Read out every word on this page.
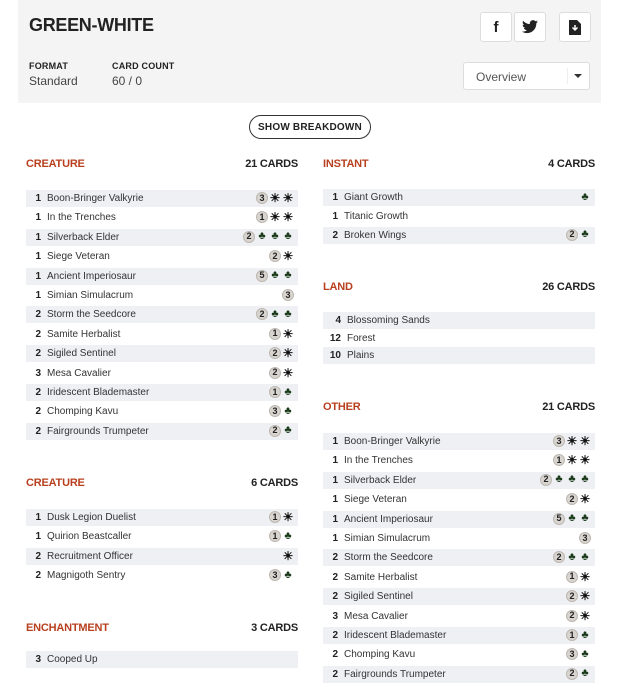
GREEN-WHITE	f
FORMAT
Standard
CARD COUNT
60 / 0	Overview
SHOW BREAKDOWN
CREATURE	21 CARDS
1 Boon-Bringer Valkyrie	3 ☀ ☀
1 In the Trenches	1 ☀ ☀
1 Silverback Elder	2 ♣ ♣ ♣
1 Siege Veteran	2 ☀
1 Ancient Imperiosaur	5 ♣ ♣
1 Simian Simulacrum	3
2 Storm the Seedcore	2 ♣ ♣
2 Samite Herbalist	1 ☀
2 Sigiled Sentinel	2 ☀
3 Mesa Cavalier	2 ☀
2 Iridescent Blademaster	1 ♣
2 Chomping Kavu	3 ♣
2 Fairgrounds Trumpeter	2 ♣
CREATURE	6 CARDS
1 Dusk Legion Duelist	1 ☀
1 Quirion Beastcaller	1 ♣
2 Recruitment Officer	☀
2 Magnigoth Sentry	3 ♣
ENCHANTMENT	3 CARDS
3 Cooped Up
INSTANT	4 CARDS
1 Giant Growth	♣
1 Titanic Growth
2 Broken Wings	2 ♣
LAND	26 CARDS
4 Blossoming Sands
12 Forest
10 Plains
OTHER	21 CARDS
1 Boon-Bringer Valkyrie	3 ☀ ☀
1 In the Trenches	1 ☀ ☀
1 Silverback Elder	2 ♣ ♣ ♣
1 Siege Veteran	2 ☀
1 Ancient Imperiosaur	5 ♣ ♣
1 Simian Simulacrum	3
2 Storm the Seedcore	2 ♣ ♣
2 Samite Herbalist	1 ☀
2 Sigiled Sentinel	2 ☀
3 Mesa Cavalier	2 ☀
2 Iridescent Blademaster	1 ♣
2 Chomping Kavu	3 ♣
2 Fairgrounds Trumpeter	2 ♣
